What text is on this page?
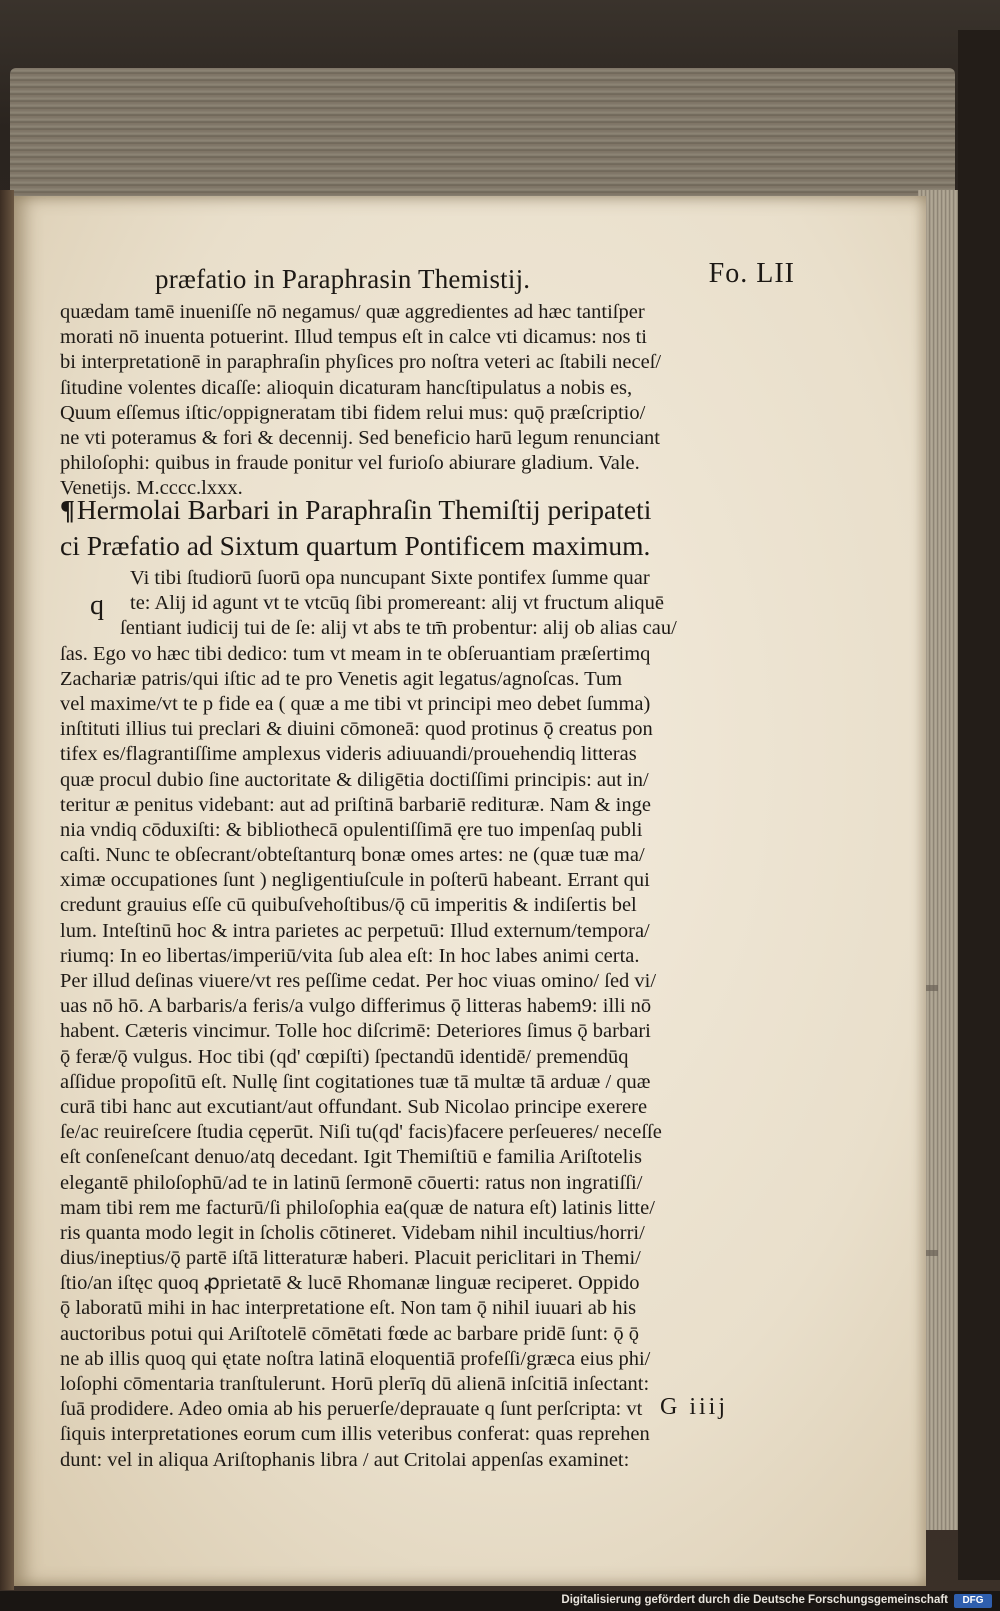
præfatio in Paraphrasin Themistij.	Fo. LII
quædam tamē inueniſſe nō negamus/ quæ aggredientes ad hæc tantiſper
morati nō inuenta potuerint. Illud tempus eſt in calce vti dicamus: nos ti
bi interpretationē in paraphraſin phyſices pro noſtra veteri ac ſtabili neceſ/
ſitudine volentes dicaſſe: alioquin dicaturam hancſtipulatus a nobis es,
Quum eſſemus iſtic/oppigneratam tibi fidem relui mus: quǭ præſcriptio/
ne vti poteramus & fori & decennij. Sed beneficio harū legum renunciant
philoſophi: quibus in fraude ponitur vel furioſo abiurare gladium. Vale.
Venetijs. M.cccc.lxxx.
¶Hermolai Barbari in Paraphraſin Themiſtij peripateti
ci Præfatio ad Sixtum quartum Pontificem maximum.
q
Vi tibi ſtudiorū ſuorū opa nuncupant Sixte pontifex ſumme quar
te: Alij id agunt vt te vtcūq ſibi promereant: alij vt fructum aliquē
ſentiant iudicij tui de ſe: alij vt abs te tm̄ probentur: alij ob alias cau/
ſas. Ego vo hæc tibi dedico: tum vt meam in te obſeruantiam præſertimq
Zachariæ patris/qui iſtic ad te pro Venetis agit legatus/agnoſcas. Tum
vel maxime/vt te p fide ea ( quæ a me tibi vt principi meo debet ſumma)
inſtituti illius tui preclari & diuini cōmoneā: quod protinus ǭ creatus pon
tifex es/flagrantiſſime amplexus videris adiuuandi/prouehendiq litteras
quæ procul dubio ſine auctoritate & diligētia doctiſſimi principis: aut in/
teritur æ penitus videbant: aut ad priſtinā barbariē redituræ. Nam & inge
nia vndiq cōduxiſti: & bibliothecā opulentiſſimā ęre tuo impenſaq publi
caſti. Nunc te obſecrant/obteſtanturq bonæ omes artes: ne (quæ tuæ ma/
ximæ occupationes ſunt ) negligentiuſcule in poſterū habeant. Errant qui
credunt grauius eſſe cū quibuſvehoſtibus/ǭ cū imperitis & indiſertis bel
lum. Inteſtinū hoc & intra parietes ac perpetuū: Illud externum/tempora/
riumq: In eo libertas/imperiū/vita ſub alea eſt: In hoc labes animi certa.
Per illud deſinas viuere/vt res peſſime cedat. Per hoc viuas omino/ ſed vi/
uas nō hō. A barbaris/a feris/a vulgo differimus ǭ litteras habem9: illi nō
habent. Cæteris vincimur. Tolle hoc diſcrimē: Deteriores ſimus ǭ barbari
ǭ feræ/ǭ vulgus. Hoc tibi (qd' cœpiſti) ſpectandū identidē/ premendūq
aſſidue propoſitū eſt. Nullę ſint cogitationes tuæ tā multæ tā arduæ / quæ
curā tibi hanc aut excutiant/aut offundant. Sub Nicolao principe exerere
ſe/ac reuireſcere ſtudia cęperūt. Niſi tu(qd' facis)facere perſeueres/ neceſſe
eſt conſeneſcant denuo/atq decedant. Igit Themiſtiū e familia Ariſtotelis
elegantē philoſophū/ad te in latinū ſermonē cōuerti: ratus non ingratiſſi/
mam tibi rem me facturū/ſi philoſophia ea(quæ de natura eſt) latinis litte/
ris quanta modo legit in ſcholis cōtineret. Videbam nihil incultius/horri/
dius/ineptius/ǭ partē iſtā litteraturæ haberi. Placuit periclitari in Themi/
ſtio/an iſtęc quoq ꝓprietatē & lucē Rhomanæ linguæ reciperet. Oppido
ǭ laboratū mihi in hac interpretatione eſt. Non tam ǭ nihil iuuari ab his
auctoribus potui qui Ariſtotelē cōmētati fœde ac barbare pridē ſunt: ǭ ǭ
ne ab illis quoq qui ętate noſtra latinā eloquentiā profeſſi/græca eius phi/
loſophi cōmentaria tranſtulerunt. Horū plerīq dū alienā inſcitiā inſectant:
ſuā prodidere. Adeo omia ab his peruerſe/deprauate q ſunt perſcripta: vt
ſiquis interpretationes eorum cum illis veteribus conferat: quas reprehen
dunt: vel in aliqua Ariſtophanis libra / aut Critolai appenſas examinet:
G iiij
Digitalisierung gefördert durch die Deutsche Forschungsgemeinschaft	DFG
